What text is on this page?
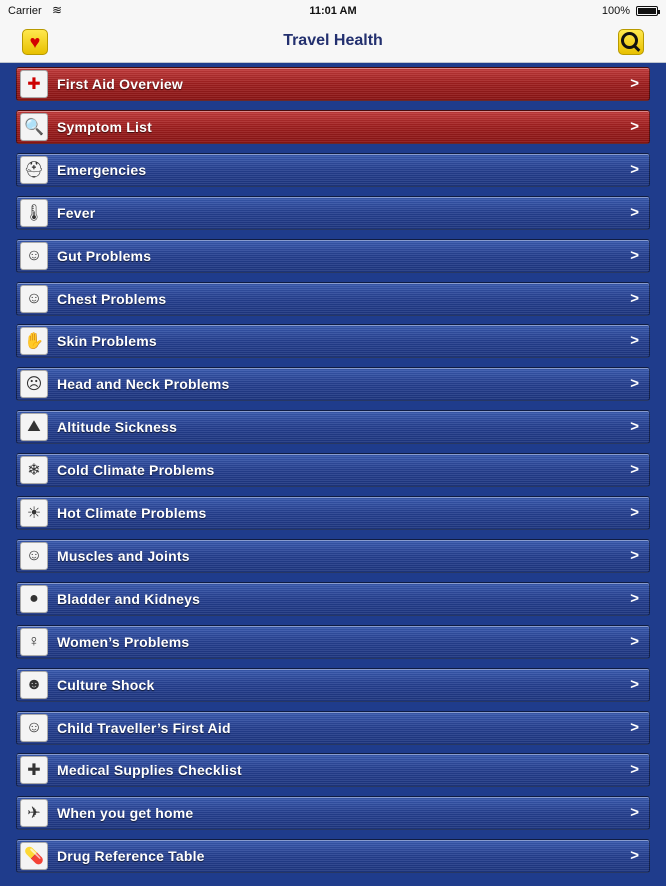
Carrier ≋	11:01 AM	100%
♥	Travel Health
✚	First Aid Overview	>
🔍 Symptom List	>
⛑ Emergencies	>
🌡 Fever	>
☺	Gut Problems	>
☺	Chest Problems	>
✋ Skin Problems	>
☹	Head and Neck Problems	>
⛰	Altitude Sickness	>
❄	Cold Climate Problems	>
☀	Hot Climate Problems	>
☺	Muscles and Joints	>
●	Bladder and Kidneys	>
♀	Women’s Problems	>
☻	Culture Shock	>
☺	Child Traveller’s First Aid	>
✚	Medical Supplies Checklist	>
✈	When you get home	>
💊 Drug Reference Table	>
